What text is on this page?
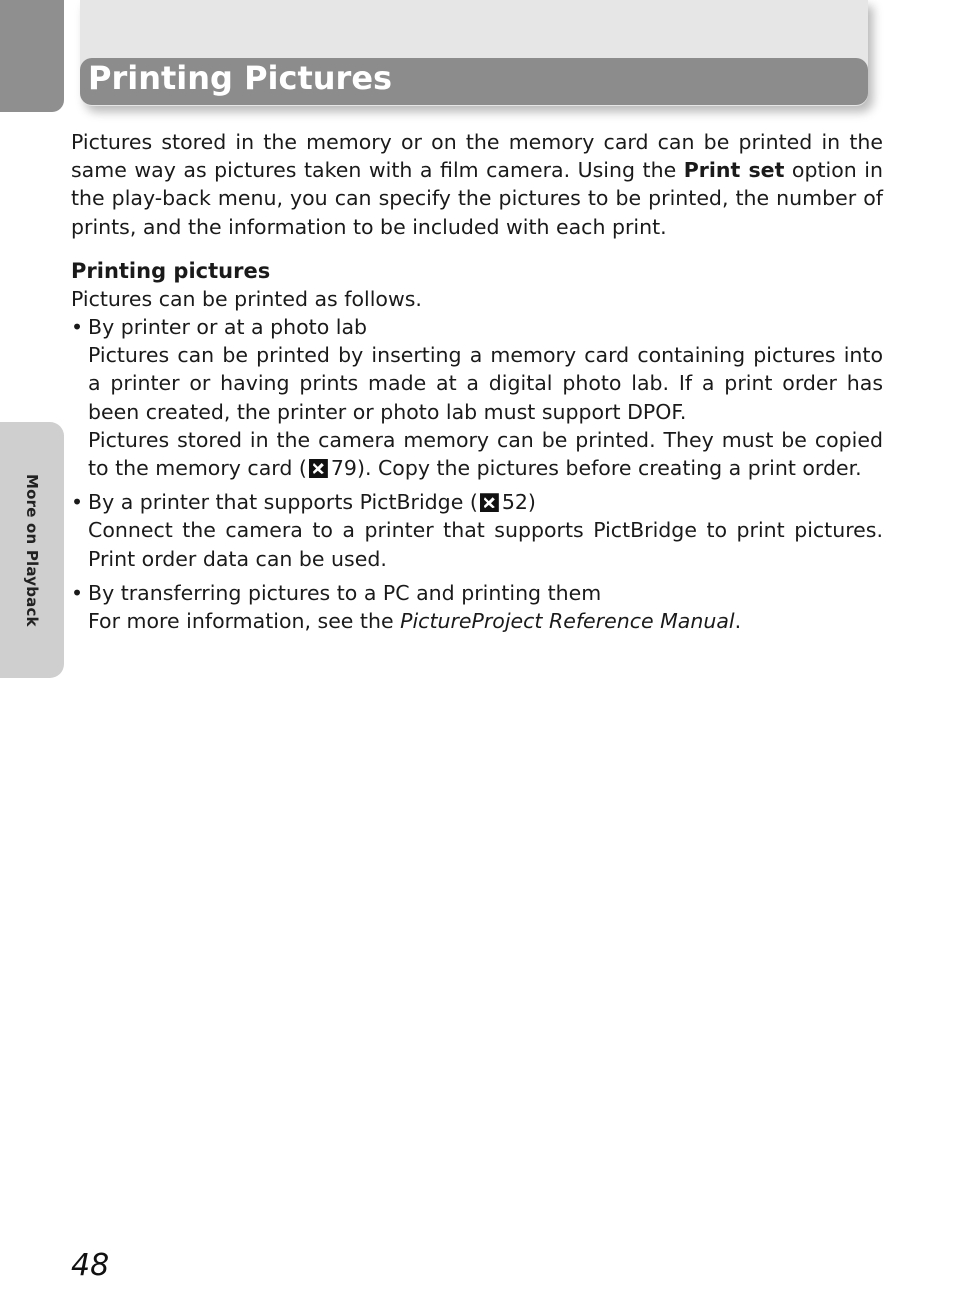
More on Playback
Printing Pictures

Pictures stored in the memory or on the memory card can be printed in the same way as pictures taken with a film camera. Using the Print set option in the play-back menu, you can specify the pictures to be printed, the number of prints, and the information to be included with each print.

Printing pictures

Pictures can be printed as follows.

• By printer or at a photo lab

Pictures can be printed by inserting a memory card containing pictures into a printer or having prints made at a digital photo lab. If a print order has been created, the printer or photo lab must support DPOF.

Pictures stored in the camera memory can be printed. They must be copied to the memory card ( 79). Copy the pictures before creating a print order.

• By a printer that supports PictBridge ( 52)

Connect the camera to a printer that supports PictBridge to print pictures. Print order data can be used.

• By transferring pictures to a PC and printing them

For more information, see the PictureProject Reference Manual.

48
